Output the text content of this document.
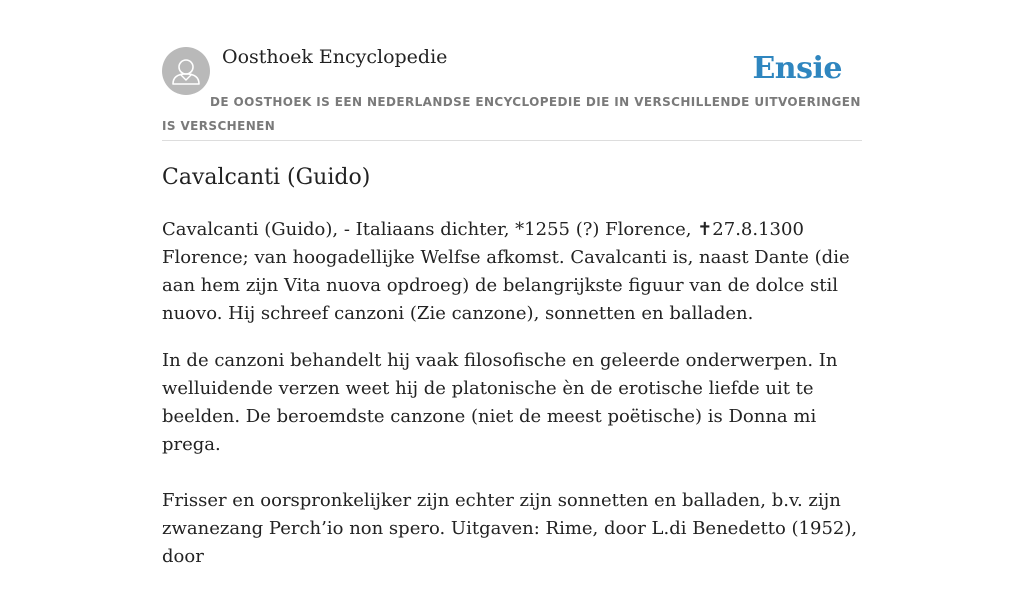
Oosthoek Encyclopedie	Ensie
DE OOSTHOEK IS EEN NEDERLANDSE ENCYCLOPEDIE DIE IN VERSCHILLENDE UITVOERINGEN IS VERSCHENEN
Cavalcanti (Guido)

Cavalcanti (Guido), - Italiaans dichter, *1255 (?) Florence, ✝27.8.1300 Florence; van hoogadellijke Welfse afkomst. Cavalcanti is, naast Dante (die aan hem zijn Vita nuova opdroeg) de belangrijkste figuur van de dolce stil nuovo. Hij schreef canzoni (Zie canzone), sonnetten en balladen.

In de canzoni behandelt hij vaak filosofische en geleerde onderwerpen. In welluidende verzen weet hij de platonische èn de erotische liefde uit te beelden. De beroemdste canzone (niet de meest poëtische) is Donna mi prega.

Frisser en oorspronkelijker zijn echter zijn sonnetten en balladen, b.v. zijn zwanezang Perch’io non spero. Uitgaven: Rime, door L.di Benedetto (1952), door
